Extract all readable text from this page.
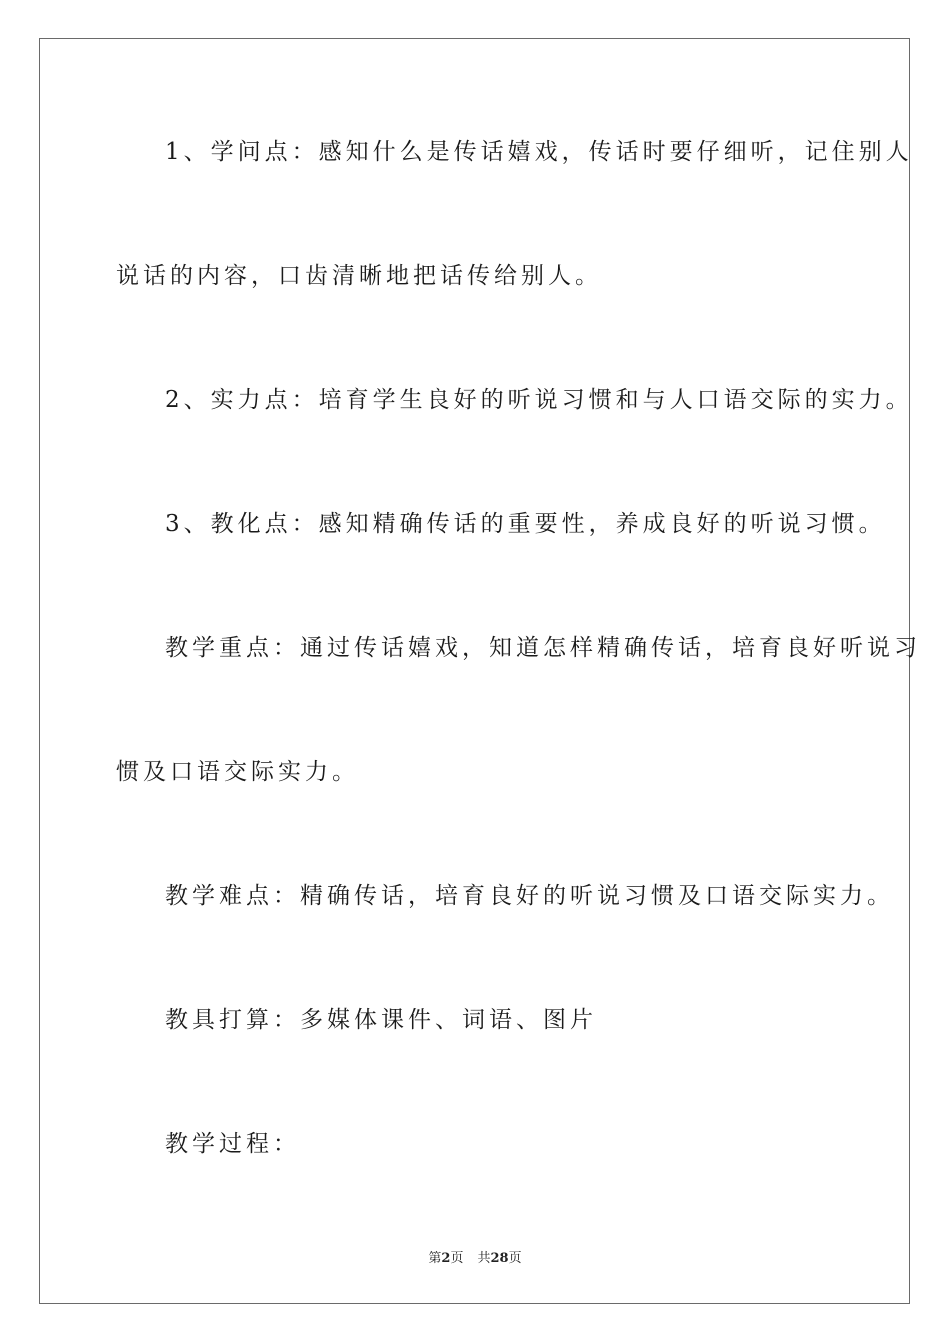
1、学问点：感知什么是传话嬉戏，传话时要仔细听，记住别人
说话的内容，口齿清晰地把话传给别人。
2、实力点：培育学生良好的听说习惯和与人口语交际的实力。
3、教化点：感知精确传话的重要性，养成良好的听说习惯。
教学重点：通过传话嬉戏，知道怎样精确传话，培育良好听说习
惯及口语交际实力。
教学难点：精确传话，培育良好的听说习惯及口语交际实力。
教具打算：多媒体课件、词语、图片
教学过程：
第2页 共28页
